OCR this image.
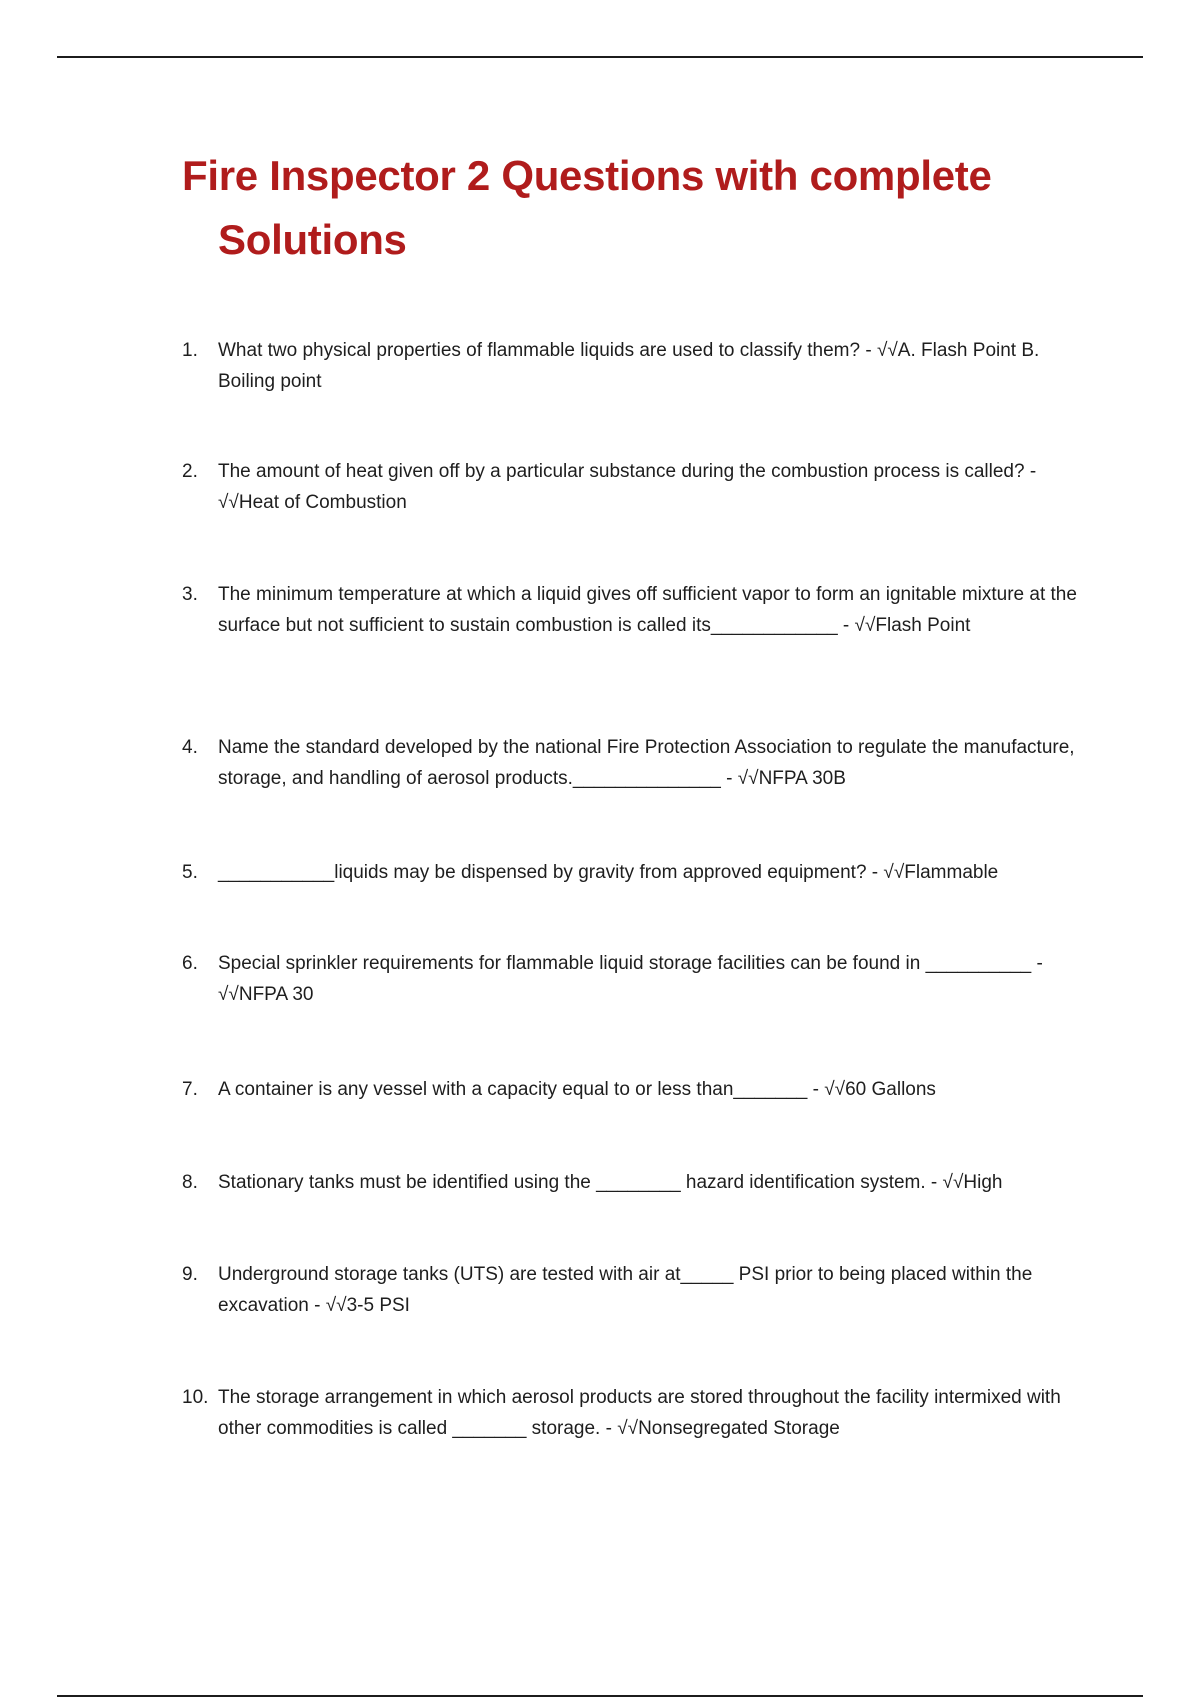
Fire Inspector 2 Questions with complete Solutions
1.	What two physical properties of flammable liquids are used to classify them? - √√A. Flash Point B. Boiling point
2.	The amount of heat given off by a particular substance during the combustion process is called? - √√Heat of Combustion
3.	The minimum temperature at which a liquid gives off sufficient vapor to form an ignitable mixture at the surface but not sufficient to sustain combustion is called its____________ - √√Flash Point
4.	Name the standard developed by the national Fire Protection Association to regulate the manufacture, storage, and handling of aerosol products.______________ - √√NFPA 30B
5.	___________liquids may be dispensed by gravity from approved equipment? - √√Flammable
6.	Special sprinkler requirements for flammable liquid storage facilities can be found in __________ - √√NFPA 30
7.	A container is any vessel with a capacity equal to or less than_______ - √√60 Gallons
8.	Stationary tanks must be identified using the ________ hazard identification system. - √√High
9.	Underground storage tanks (UTS) are tested with air at_____ PSI prior to being placed within the excavation - √√3-5 PSI
10. The storage arrangement in which aerosol products are stored throughout the facility intermixed with other commodities is called _______ storage. - √√Nonsegregated Storage
